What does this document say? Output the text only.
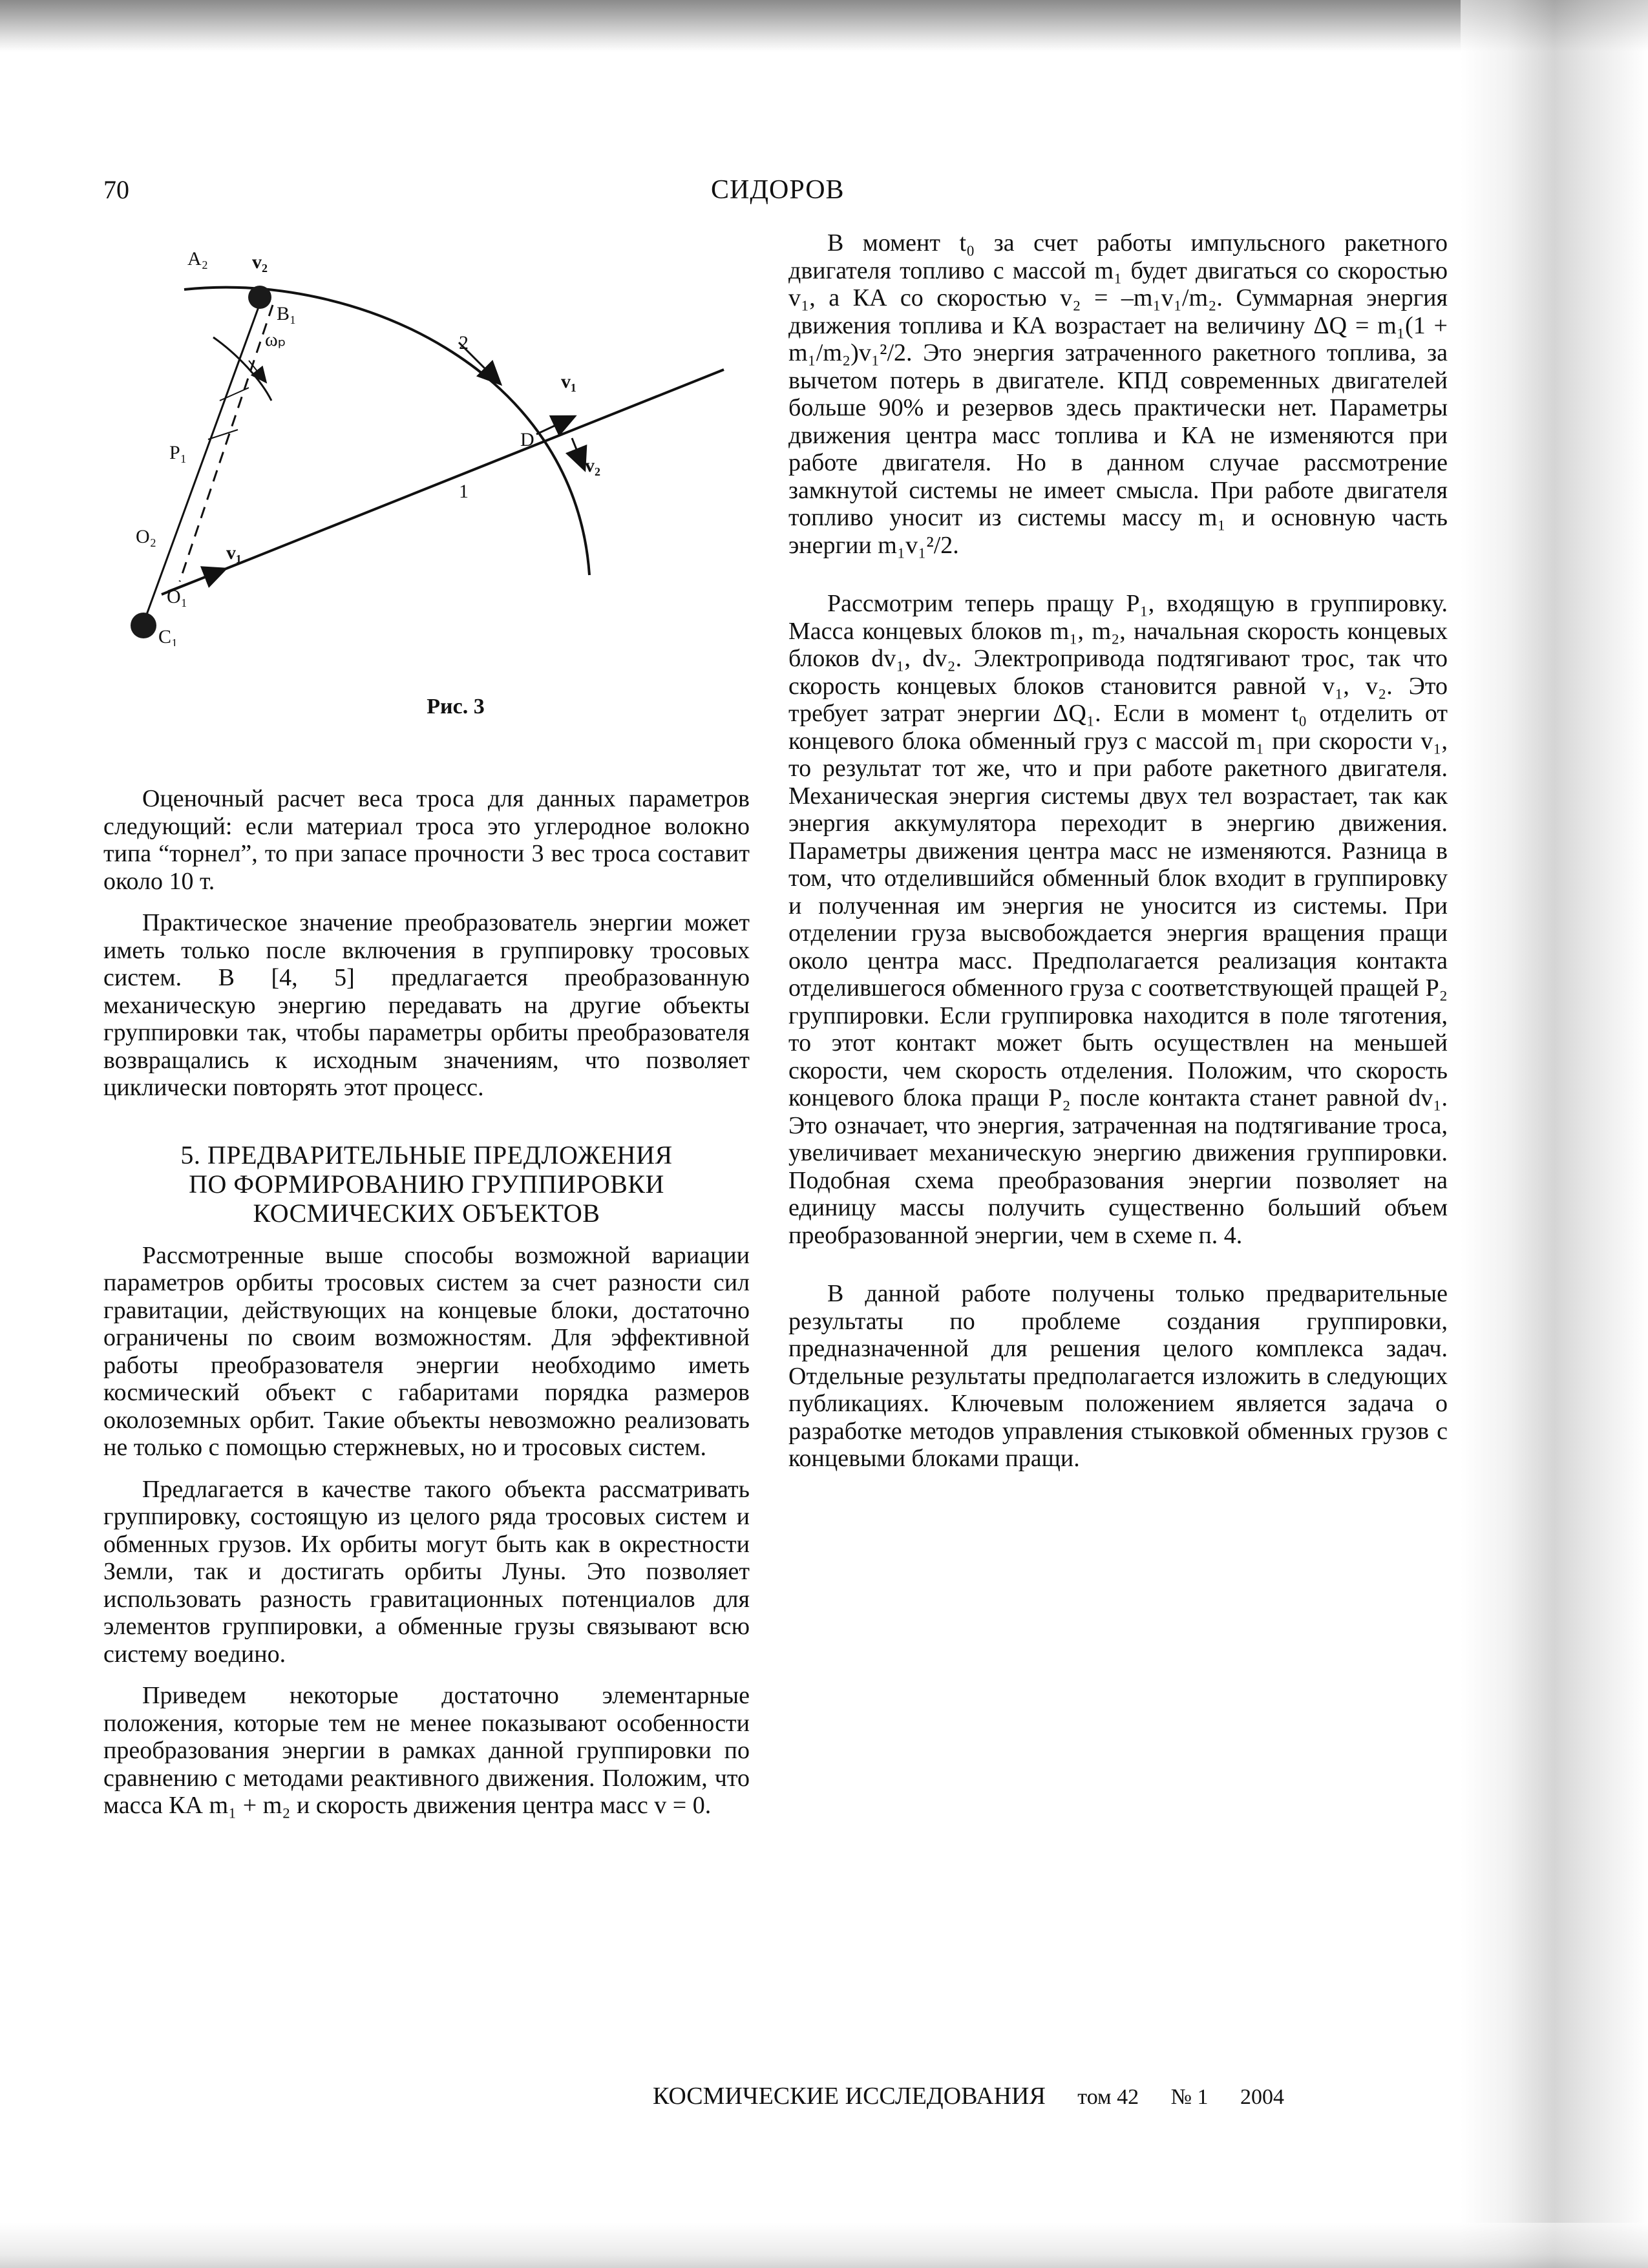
70	СИДОРОВ
A₂ v₂
B₁
ωₚ	2
v₁
D
v₂
1
P₁
O₂
v₁
O₁
C₁
Рис. 3

Оценочный расчет веса троса для данных параметров следующий: если материал троса это углеродное волокно типа “торнел”, то при запасе прочности 3 вес троса составит около 10 т.

Практическое значение преобразователь энергии может иметь только после включения в группировку тросовых систем. В [4, 5] предлагается преобразованную механическую энергию передавать на другие объекты группировки так, чтобы параметры орбиты преобразователя возвращались к исходным значениям, что позволяет циклически повторять этот процесс.

5. ПРЕДВАРИТЕЛЬНЫЕ ПРЕДЛОЖЕНИЯ
ПО ФОРМИРОВАНИЮ ГРУППИРОВКИ
КОСМИЧЕСКИХ ОБЪЕКТОВ

Рассмотренные выше способы возможной вариации параметров орбиты тросовых систем за счет разности сил гравитации, действующих на концевые блоки, достаточно ограничены по своим возможностям. Для эффективной работы преобразователя энергии необходимо иметь космический объект с габаритами порядка размеров околоземных орбит. Такие объекты невозможно реализовать не только с помощью стержневых, но и тросовых систем.

Предлагается в качестве такого объекта рассматривать группировку, состоящую из целого ряда тросовых систем и обменных грузов. Их орбиты могут быть как в окрестности Земли, так и достигать орбиты Луны. Это позволяет использовать разность гравитационных потенциалов для элементов группировки, а обменные грузы связывают всю систему воедино.

Приведем некоторые достаточно элементарные положения, которые тем не менее показывают особенности преобразования энергии в рамках данной группировки по сравнению с методами реактивного движения. Положим, что масса КА m₁ + m₂ и скорость движения центра масс v = 0.

В момент t₀ за счет работы импульсного ракетного двигателя топливо с массой m₁ будет двигаться со скоростью v₁, а КА со скоростью v₂ = –m₁v₁/m₂. Суммарная энергия движения топлива и КА возрастает на величину ΔQ = m₁(1 + m₁/m₂)v₁²/2. Это энергия затраченного ракетного топлива, за вычетом потерь в двигателе. КПД современных двигателей больше 90% и резервов здесь практически нет. Параметры движения центра масс топлива и КА не изменяются при работе двигателя. Но в данном случае рассмотрение замкнутой системы не имеет смысла. При работе двигателя топливо уносит из системы массу m₁ и основную часть энергии m₁v₁²/2.

Рассмотрим теперь пращу P₁, входящую в группировку. Масса концевых блоков m₁, m₂, начальная скорость концевых блоков dv₁, dv₂. Электропривода подтягивают трос, так что скорость концевых блоков становится равной v₁, v₂. Это требует затрат энергии ΔQ₁. Если в момент t₀ отделить от концевого блока обменный груз с массой m₁ при скорости v₁, то результат тот же, что и при работе ракетного двигателя. Механическая энергия системы двух тел возрастает, так как энергия аккумулятора переходит в энергию движения. Параметры движения центра масс не изменяются. Разница в том, что отделившийся обменный блок входит в группировку и полученная им энергия не уносится из системы. При отделении груза высвобождается энергия вращения пращи около центра масс. Предполагается реализация контакта отделившегося обменного груза с соответствующей пращей P₂ группировки. Если группировка находится в поле тяготения, то этот контакт может быть осуществлен на меньшей скорости, чем скорость отделения. Положим, что скорость концевого блока пращи P₂ после контакта станет равной dv₁. Это означает, что энергия, затраченная на подтягивание троса, увеличивает механическую энергию движения группировки. Подобная схема преобразования энергии позволяет на единицу массы получить существенно больший объем преобразованной энергии, чем в схеме п. 4.

В данной работе получены только предварительные результаты по проблеме создания группировки, предназначенной для решения целого комплекса задач. Отдельные результаты предполагается изложить в следующих публикациях. Ключевым положением является задача о разработке методов управления стыковкой обменных грузов с концевыми блоками пращи.

КОСМИЧЕСКИЕ ИССЛЕДОВАНИЯ том 42 № 1 2004
